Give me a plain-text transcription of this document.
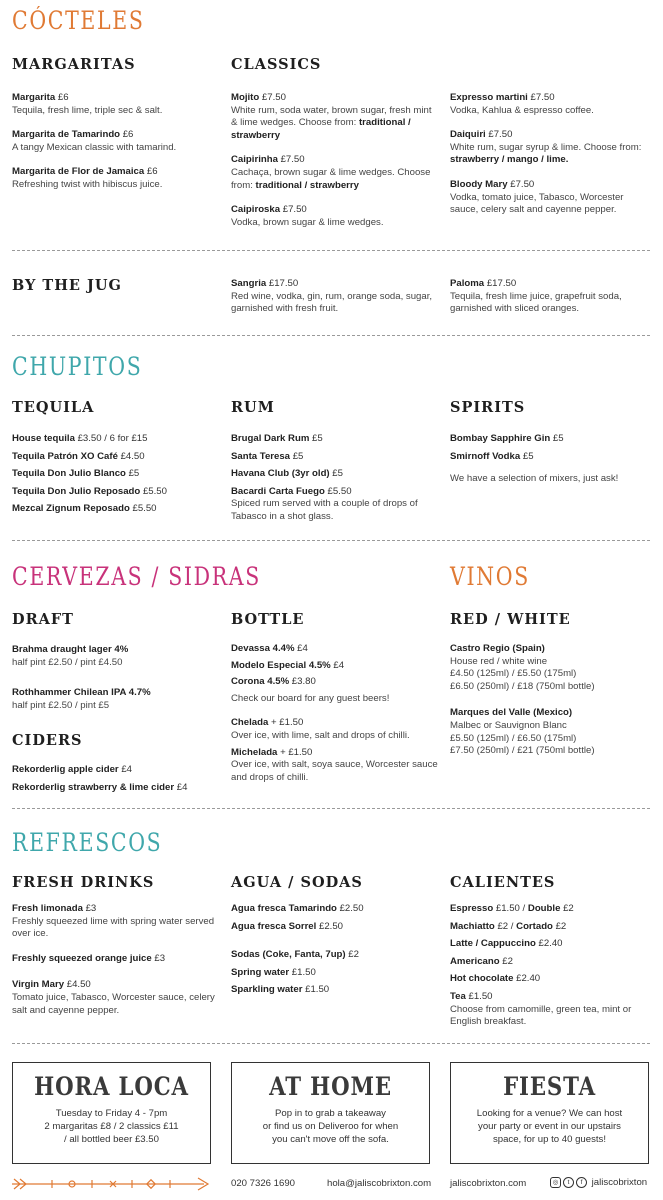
CÓCTELES
MARGARITAS	CLASSICS
Margarita £6
Tequila, fresh lime, triple sec & salt.
Margarita de Tamarindo £6
A tangy Mexican classic with tamarind.
Margarita de Flor de Jamaica £6
Refreshing twist with hibiscus juice.
Mojito £7.50
White rum, soda water, brown sugar, fresh mint & lime wedges. Choose from: traditional / strawberry
Caipirinha £7.50
Cachaça, brown sugar & lime wedges. Choose from: traditional / strawberry
Caipiroska £7.50
Vodka, brown sugar & lime wedges.
Expresso martini £7.50
Vodka, Kahlua & espresso coffee.
Daiquiri £7.50
White rum, sugar syrup & lime. Choose from: strawberry / mango / lime.
Bloody Mary £7.50
Vodka, tomato juice, Tabasco, Worcester sauce, celery salt and cayenne pepper.
BY THE JUG	Sangria £17.50
Red wine, vodka, gin, rum, orange soda, sugar, garnished with fresh fruit.
Paloma £17.50
Tequila, fresh lime juice, grapefruit soda, garnished with sliced oranges.
CHUPITOS
TEQUILA	RUM	SPIRITS
House tequila £3.50 / 6 for £15
Tequila Patrón XO Café £4.50
Tequila Don Julio Blanco £5
Tequila Don Julio Reposado £5.50
Mezcal Zignum Reposado £5.50
Brugal Dark Rum £5
Santa Teresa £5
Havana Club (3yr old) £5
Bacardi Carta Fuego £5.50
Spiced rum served with a couple of drops of Tabasco in a shot glass.
Bombay Sapphire Gin £5
Smirnoff Vodka £5
We have a selection of mixers, just ask!
CERVEZAS / SIDRAS	VINOS
DRAFT	BOTTLE	RED / WHITE
Brahma draught lager 4%
half pint £2.50 / pint £4.50
Rothhammer Chilean IPA 4.7%
half pint £2.50 / pint £5
CIDERS
Rekorderlig apple cider £4
Rekorderlig strawberry & lime cider £4
Devassa 4.4% £4
Modelo Especial 4.5% £4
Corona 4.5% £3.80
Check our board for any guest beers!
Chelada + £1.50
Over ice, with lime, salt and drops of chilli.
Michelada + £1.50
Over ice, with salt, soya sauce, Worcester sauce and drops of chilli.
Castro Regio (Spain)
House red / white wine
£4.50 (125ml) / £5.50 (175ml)
£6.50 (250ml) / £18 (750ml bottle)
Marques del Valle (Mexico)
Malbec or Sauvignon Blanc
£5.50 (125ml) / £6.50 (175ml)
£7.50 (250ml) / £21 (750ml bottle)
REFRESCOS
FRESH DRINKS	AGUA / SODAS	CALIENTES
Fresh limonada £3
Freshly squeezed lime with spring water served over ice.
Freshly squeezed orange juice £3
Virgin Mary £4.50
Tomato juice, Tabasco, Worcester sauce, celery salt and cayenne pepper.
Agua fresca Tamarindo £2.50
Agua fresca Sorrel £2.50
Sodas (Coke, Fanta, 7up) £2
Spring water £1.50
Sparkling water £1.50
Espresso £1.50 / Double £2
Machiatto £2 / Cortado £2
Latte / Cappuccino £2.40
Americano £2
Hot chocolate £2.40
Tea £1.50
Choose from camomille, green tea, mint or English breakfast.
HORA LOCA
Tuesday to Friday 4 - 7pm
2 margaritas £8 / 2 classics £11
/ all bottled beer £3.50
AT HOME
Pop in to grab a takeaway
or find us on Deliveroo for when
you can't move off the sofa.
FIESTA
Looking for a venue? We can host
your party or event in our upstairs
space, for up to 40 guests!
020 7326 1690	hola@jaliscobrixton.com jaliscobrixton.com	◎ t f jaliscobrixton
